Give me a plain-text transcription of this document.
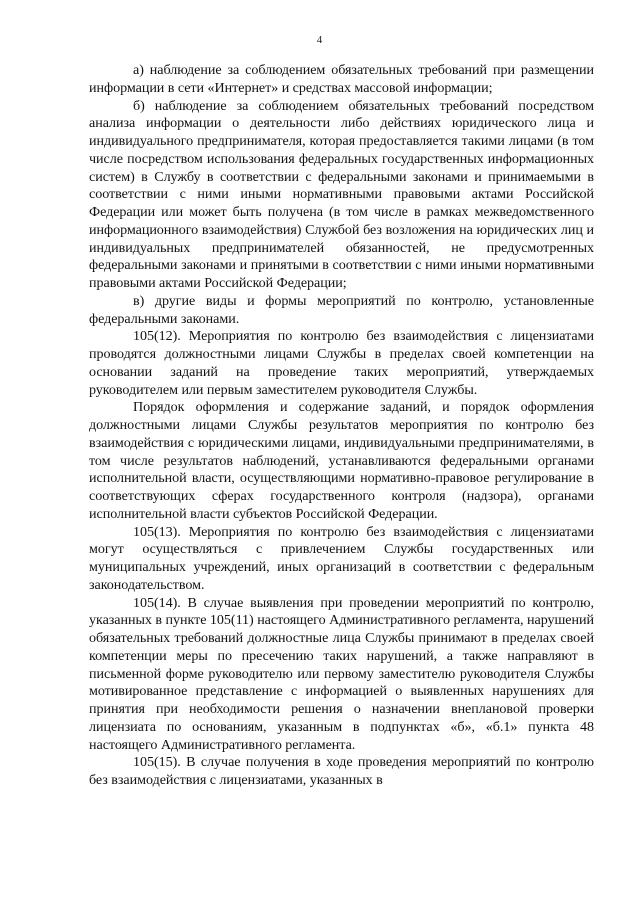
4

а) наблюдение за соблюдением обязательных требований при размещении информации в сети «Интернет» и средствах массовой информации;

б) наблюдение за соблюдением обязательных требований посредством анализа информации о деятельности либо действиях юридического лица и индивидуального предпринимателя, которая предоставляется такими лицами (в том числе посредством использования федеральных государственных информационных систем) в Службу в соответствии с федеральными законами и принимаемыми в соответствии с ними иными нормативными правовыми актами Российской Федерации или может быть получена (в том числе в рамках межведомственного информационного взаимодействия) Службой без возложения на юридических лиц и индивидуальных предпринимателей обязанностей, не предусмотренных федеральными законами и принятыми в соответствии с ними иными нормативными правовыми актами Российской Федерации;

в) другие виды и формы мероприятий по контролю, установленные федеральными законами.

105(12). Мероприятия по контролю без взаимодействия с лицензиатами проводятся должностными лицами Службы в пределах своей компетенции на основании заданий на проведение таких мероприятий, утверждаемых руководителем или первым заместителем руководителя Службы.

Порядок оформления и содержание заданий, и порядок оформления должностными лицами Службы результатов мероприятия по контролю без взаимодействия с юридическими лицами, индивидуальными предпринимателями, в том числе результатов наблюдений, устанавливаются федеральными органами исполнительной власти, осуществляющими нормативно-правовое регулирование в соответствующих сферах государственного контроля (надзора), органами исполнительной власти субъектов Российской Федерации.

105(13). Мероприятия по контролю без взаимодействия с лицензиатами могут осуществляться с привлечением Службы государственных или муниципальных учреждений, иных организаций в соответствии с федеральным законодательством.

105(14). В случае выявления при проведении мероприятий по контролю, указанных в пункте 105(11) настоящего Административного регламента, нарушений обязательных требований должностные лица Службы принимают в пределах своей компетенции меры по пресечению таких нарушений, а также направляют в письменной форме руководителю или первому заместителю руководителя Службы мотивированное представление с информацией о выявленных нарушениях для принятия при необходимости решения о назначении внеплановой проверки лицензиата по основаниям, указанным в подпунктах «б», «б.1» пункта 48 настоящего Административного регламента.

105(15). В случае получения в ходе проведения мероприятий по контролю без взаимодействия с лицензиатами, указанных в
